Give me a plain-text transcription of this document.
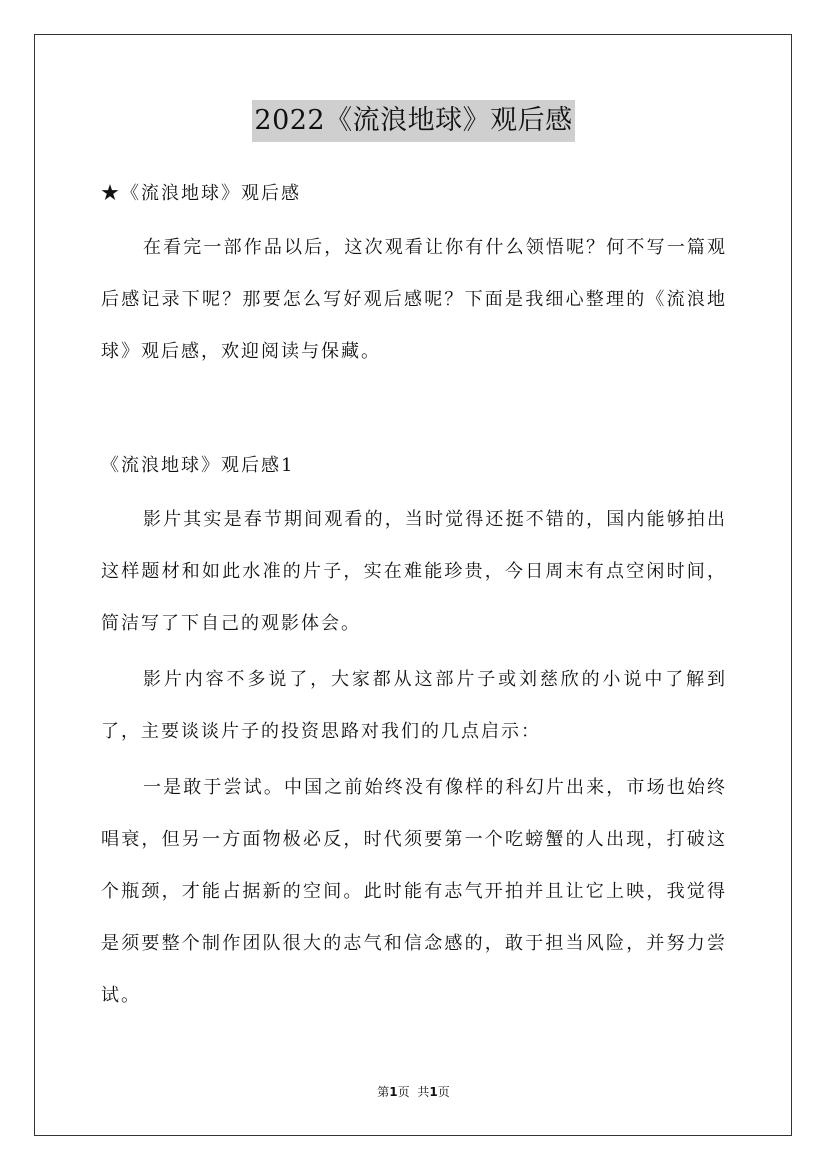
2022《流浪地球》观后感

★《流浪地球》观后感

在看完一部作品以后，这次观看让你有什么领悟呢？何不写一篇观后感记录下呢？那要怎么写好观后感呢？下面是我细心整理的《流浪地球》观后感，欢迎阅读与保藏。

《流浪地球》观后感1

影片其实是春节期间观看的，当时觉得还挺不错的，国内能够拍出这样题材和如此水准的片子，实在难能珍贵，今日周末有点空闲时间，简洁写了下自己的观影体会。

影片内容不多说了，大家都从这部片子或刘慈欣的小说中了解到了，主要谈谈片子的投资思路对我们的几点启示：

一是敢于尝试。中国之前始终没有像样的科幻片出来，市场也始终唱衰，但另一方面物极必反，时代须要第一个吃螃蟹的人出现，打破这个瓶颈，才能占据新的空间。此时能有志气开拍并且让它上映，我觉得是须要整个制作团队很大的志气和信念感的，敢于担当风险，并努力尝试。

第1页 共1页
